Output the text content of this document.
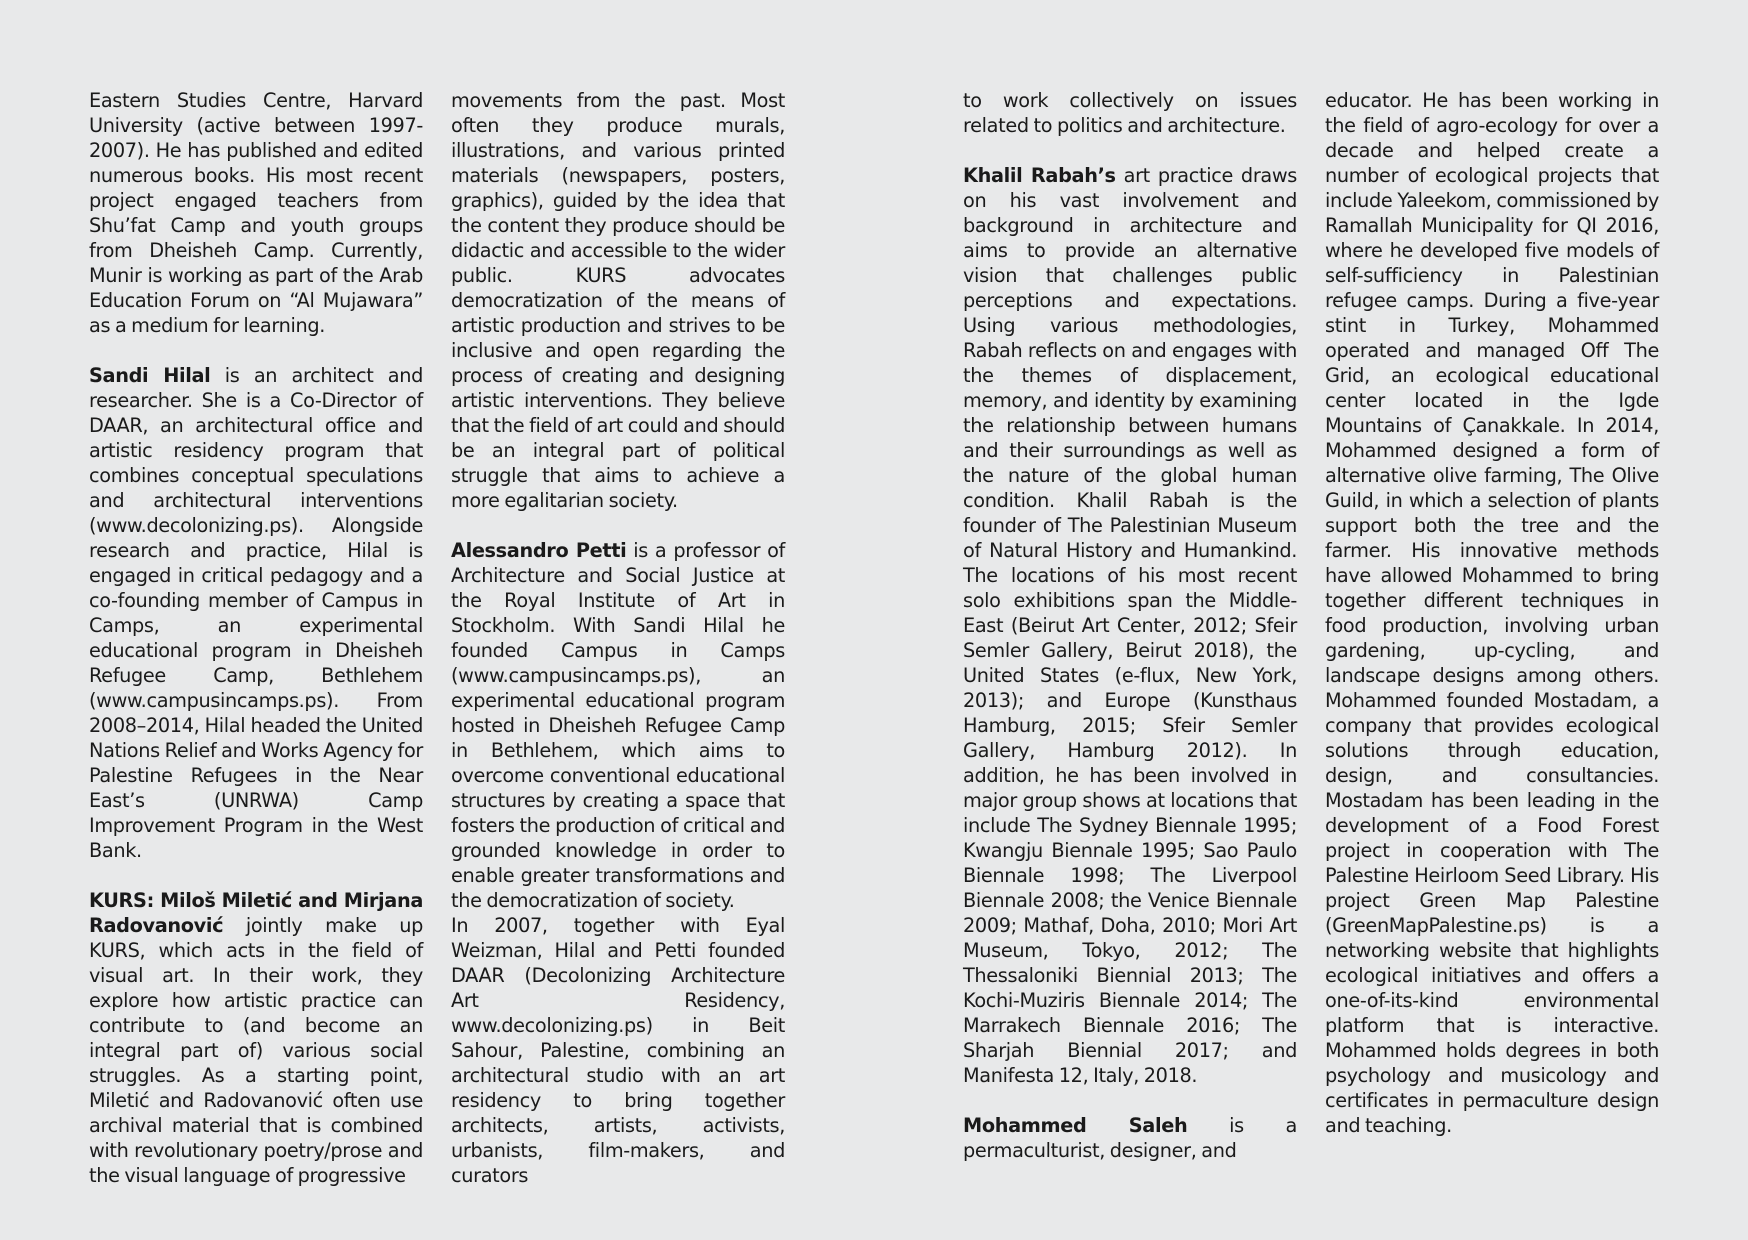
Eastern Studies Centre, Harvard University (active between 1997-2007). He has published and edited numerous books. His most recent project engaged teachers from Shu’fat Camp and youth groups from Dheisheh Camp. Currently, Munir is working as part of the Arab Education Forum on “Al Mujawara” as a medium for learning.

Sandi Hilal is an architect and researcher. She is a Co-Director of DAAR, an architectural office and artistic residency program that combines conceptual speculations and architectural interventions (www.decolonizing.ps). Alongside research and practice, Hilal is engaged in critical pedagogy and a co-founding member of Campus in Camps, an experimental educational program in Dheisheh Refugee Camp, Bethlehem (www.campusincamps.ps). From 2008–2014, Hilal headed the United Nations Relief and Works Agency for Palestine Refugees in the Near East’s (UNRWA) Camp Improvement Program in the West Bank.

KURS: Miloš Miletić and Mirjana Radovanović jointly make up KURS, which acts in the field of visual art. In their work, they explore how artistic practice can contribute to (and become an integral part of) various social struggles. As a starting point, Miletić and Radovanović often use archival material that is combined with revolutionary poetry/prose and the visual language of progressive

movements from the past. Most often they produce murals, illustrations, and various printed materials (newspapers, posters, graphics), guided by the idea that the content they produce should be didactic and accessible to the wider public. KURS advocates democratization of the means of artistic production and strives to be inclusive and open regarding the process of creating and designing artistic interventions. They believe that the field of art could and should be an integral part of political struggle that aims to achieve a more egalitarian society.

Alessandro Petti is a professor of Architecture and Social Justice at the Royal Institute of Art in Stockholm. With Sandi Hilal he founded Campus in Camps (www.campusincamps.ps), an experimental educational program hosted in Dheisheh Refugee Camp in Bethlehem, which aims to overcome conventional educational structures by creating a space that fosters the production of critical and grounded knowledge in order to enable greater transformations and the democratization of society.

In 2007, together with Eyal Weizman, Hilal and Petti founded DAAR (Decolonizing Architecture Art Residency, www.decolonizing.ps) in Beit Sahour, Palestine, combining an architectural studio with an art residency to bring together architects, artists, activists, urbanists, film-makers, and curators

to work collectively on issues related to politics and architecture.

Khalil Rabah’s art practice draws on his vast involvement and background in architecture and aims to provide an alternative vision that challenges public perceptions and expectations. Using various methodologies, Rabah reflects on and engages with the themes of displacement, memory, and identity by examining the relationship between humans and their surroundings as well as the nature of the global human condition. Khalil Rabah is the founder of The Palestinian Museum of Natural History and Humankind. The locations of his most recent solo exhibitions span the Middle-East (Beirut Art Center, 2012; Sfeir Semler Gallery, Beirut 2018), the United States (e-flux, New York, 2013); and Europe (Kunsthaus Hamburg, 2015; Sfeir Semler Gallery, Hamburg 2012). In addition, he has been involved in major group shows at locations that include The Sydney Biennale 1995; Kwangju Biennale 1995; Sao Paulo Biennale 1998; The Liverpool Biennale 2008; the Venice Biennale 2009; Mathaf, Doha, 2010; Mori Art Museum, Tokyo, 2012; The Thessaloniki Biennial 2013; The Kochi-Muziris Biennale 2014; The Marrakech Biennale 2016; The Sharjah Biennial 2017; and Manifesta 12, Italy, 2018.

Mohammed Saleh is a permaculturist, designer, and

educator. He has been working in the field of agro-ecology for over a decade and helped create a number of ecological projects that include Yaleekom, commissioned by Ramallah Municipality for QI 2016, where he developed five models of self-sufficiency in Palestinian refugee camps. During a five-year stint in Turkey, Mohammed operated and managed Off The Grid, an ecological educational center located in the Igde Mountains of Çanakkale. In 2014, Mohammed designed a form of alternative olive farming, The Olive Guild, in which a selection of plants support both the tree and the farmer. His innovative methods have allowed Mohammed to bring together different techniques in food production, involving urban gardening, up-cycling, and landscape designs among others. Mohammed founded Mostadam, a company that provides ecological solutions through education, design, and consultancies. Mostadam has been leading in the development of a Food Forest project in cooperation with The Palestine Heirloom Seed Library. His project Green Map Palestine (GreenMapPalestine.ps) is a networking website that highlights ecological initiatives and offers a one-of-its-kind environmental platform that is interactive. Mohammed holds degrees in both psychology and musicology and certificates in permaculture design and teaching.
